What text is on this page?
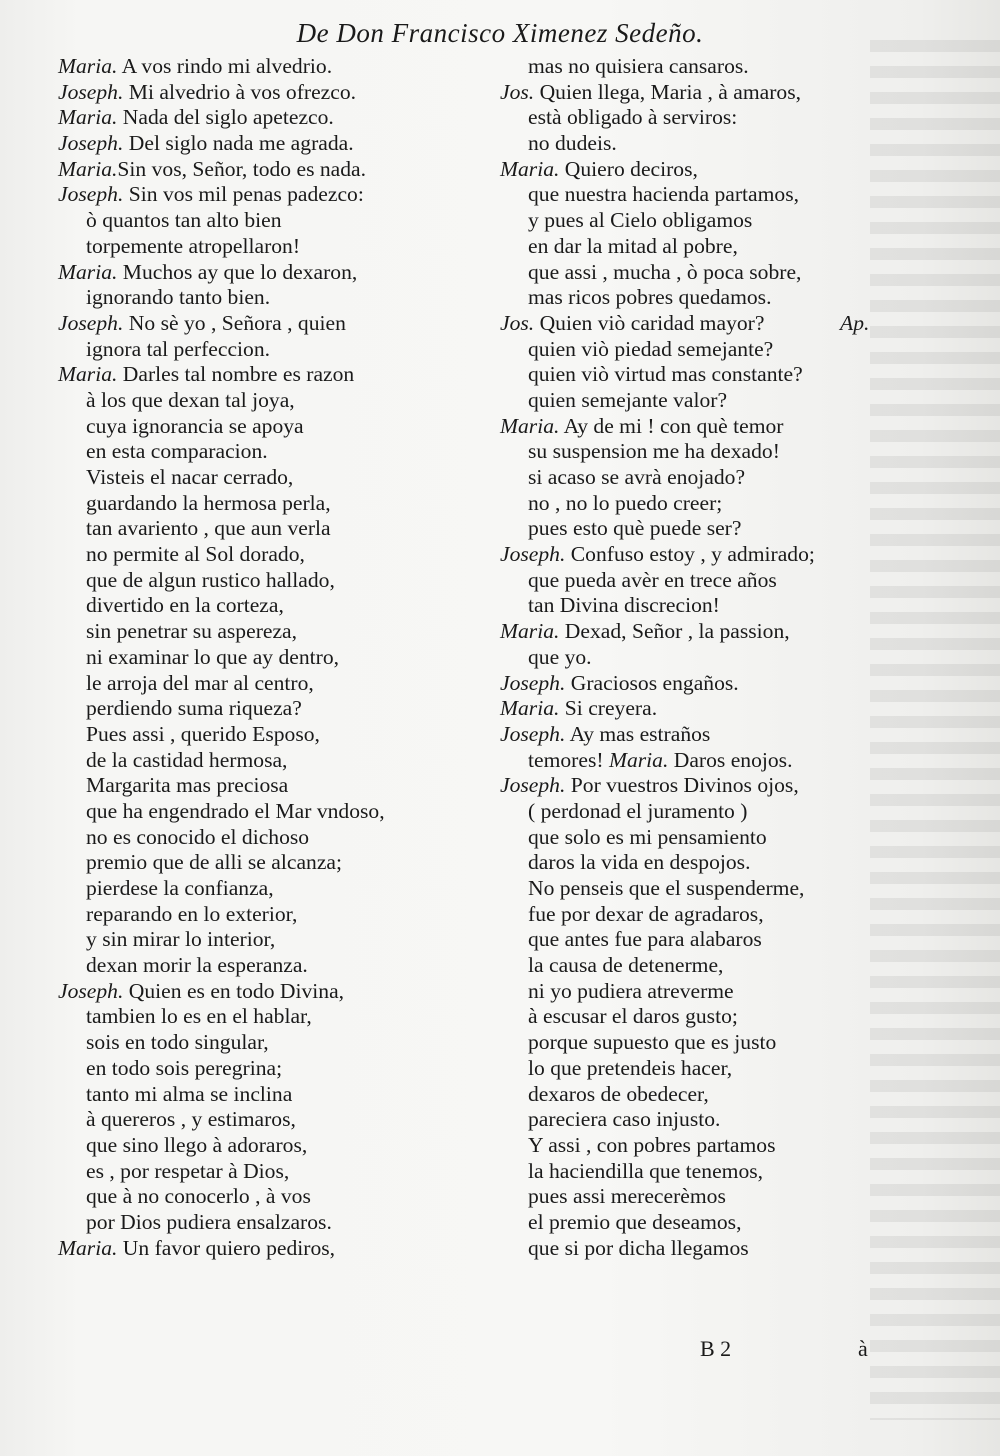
De Don Francisco Ximenez Sedeño.
Maria. A vos rindo mi alvedrio.
Joseph. Mi alvedrio à vos ofrezco.
Maria. Nada del siglo apetezco.
Joseph. Del siglo nada me agrada.
Maria.Sin vos, Señor, todo es nada.
Joseph. Sin vos mil penas padezco:
ò quantos tan alto bien
torpemente atropellaron!
Maria. Muchos ay que lo dexaron,
ignorando tanto bien.
Joseph. No sè yo , Señora , quien
ignora tal perfeccion.
Maria. Darles tal nombre es razon
à los que dexan tal joya,
cuya ignorancia se apoya
en esta comparacion.
Visteis el nacar cerrado,
guardando la hermosa perla,
tan avariento , que aun verla
no permite al Sol dorado,
que de algun rustico hallado,
divertido en la corteza,
sin penetrar su aspereza,
ni examinar lo que ay dentro,
le arroja del mar al centro,
perdiendo suma riqueza?
Pues assi , querido Esposo,
de la castidad hermosa,
Margarita mas preciosa
que ha engendrado el Mar vndoso,
no es conocido el dichoso
premio que de alli se alcanza;
pierdese la confianza,
reparando en lo exterior,
y sin mirar lo interior,
dexan morir la esperanza.
Joseph. Quien es en todo Divina,
tambien lo es en el hablar,
sois en todo singular,
en todo sois peregrina;
tanto mi alma se inclina
à quereros , y estimaros,
que sino llego à adoraros,
es , por respetar à Dios,
que à no conocerlo , à vos
por Dios pudiera ensalzaros.
Maria. Un favor quiero pediros,
mas no quisiera cansaros.
Jos. Quien llega, Maria , à amaros,
està obligado à serviros:
no dudeis.
Maria. Quiero deciros,
que nuestra hacienda partamos,
y pues al Cielo obligamos
en dar la mitad al pobre,
que assi , mucha , ò poca sobre,
mas ricos pobres quedamos.
Jos. Quien viò caridad mayor?	Ap.
quien viò piedad semejante?
quien viò virtud mas constante?
quien semejante valor?
Maria. Ay de mi ! con què temor
su suspension me ha dexado!
si acaso se avrà enojado?
no , no lo puedo creer;
pues esto què puede ser?
Joseph. Confuso estoy , y admirado;
que pueda avèr en trece años
tan Divina discrecion!
Maria. Dexad, Señor , la passion,
que yo.
Joseph. Graciosos engaños.
Maria. Si creyera.
Joseph. Ay mas estraños
temores! Maria. Daros enojos.
Joseph. Por vuestros Divinos ojos,
( perdonad el juramento )
que solo es mi pensamiento
daros la vida en despojos.
No penseis que el suspenderme,
fue por dexar de agradaros,
que antes fue para alabaros
la causa de detenerme,
ni yo pudiera atreverme
à escusar el daros gusto;
porque supuesto que es justo
lo que pretendeis hacer,
dexaros de obedecer,
pareciera caso injusto.
Y assi , con pobres partamos
la haciendilla que tenemos,
pues assi merecerèmos
el premio que deseamos,
que si por dicha llegamos
B 2	à
